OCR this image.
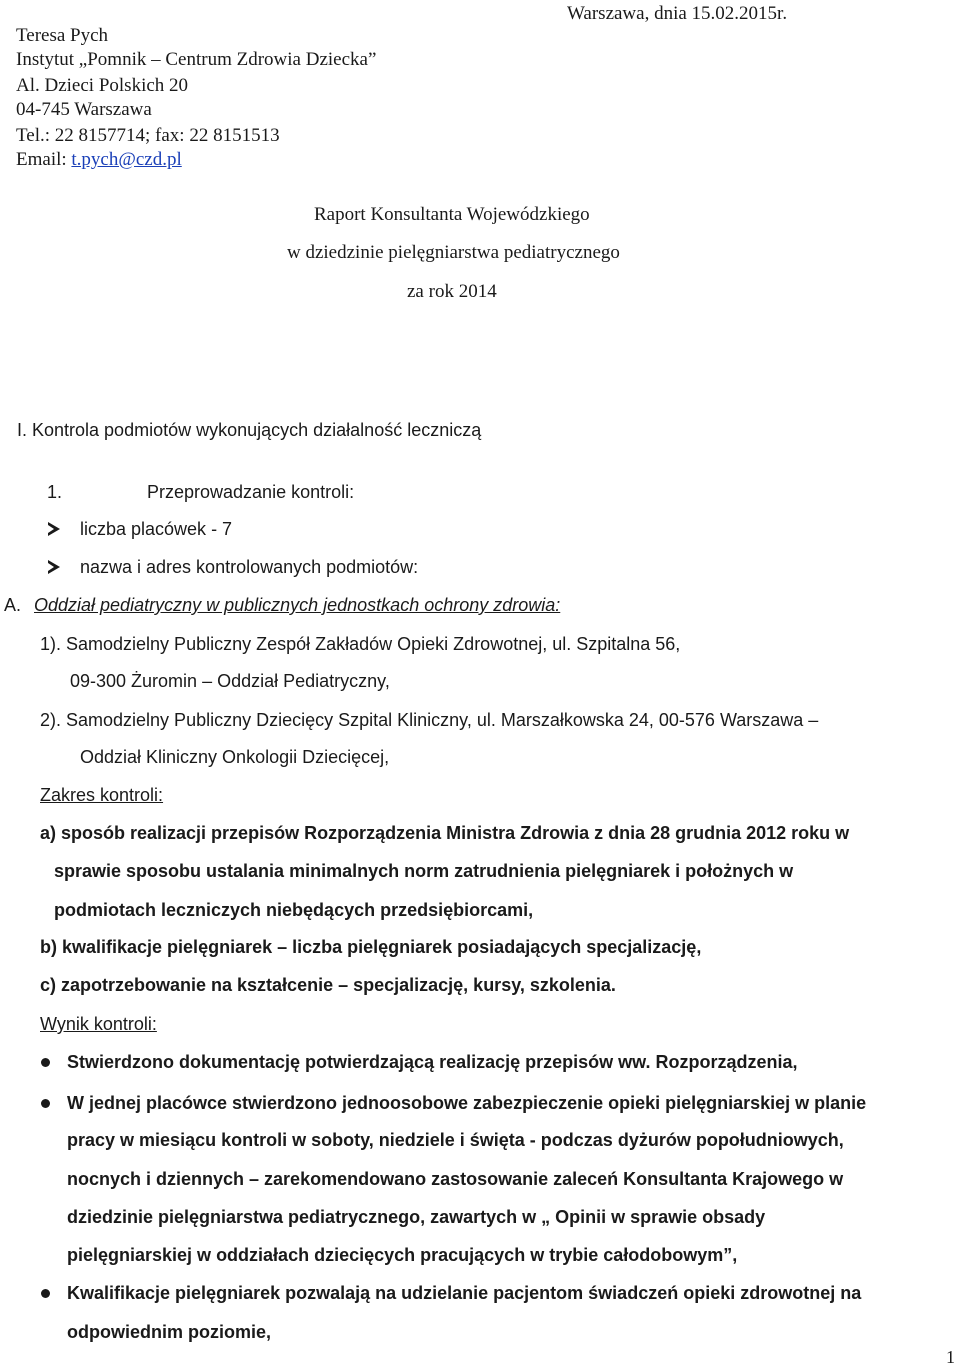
Teresa Pych
Instytut „Pomnik – Centrum Zdrowia Dziecka”
Al. Dzieci Polskich 20
04-745 Warszawa
Tel.: 22 8157714; fax: 22 8151513
Email: t.pych@czd.pl
Warszawa, dnia 15.02.2015r.
Raport Konsultanta Wojewódzkiego
w dziedzinie pielęgniarstwa pediatrycznego
za rok 2014
I. Kontrola podmiotów wykonujących działalność leczniczą
1.	Przeprowadzanie kontroli:
liczba placówek - 7
nazwa i adres kontrolowanych podmiotów:
A. Oddział pediatryczny w publicznych jednostkach ochrony zdrowia:
1). Samodzielny Publiczny Zespół Zakładów Opieki Zdrowotnej, ul. Szpitalna 56,
09-300 Żuromin – Oddział Pediatryczny,
2). Samodzielny Publiczny Dziecięcy Szpital Kliniczny, ul. Marszałkowska 24, 00-576 Warszawa –
Oddział Kliniczny Onkologii Dziecięcej,
Zakres kontroli:
a) sposób realizacji przepisów Rozporządzenia Ministra Zdrowia z dnia 28 grudnia 2012 roku w
sprawie sposobu ustalania minimalnych norm zatrudnienia pielęgniarek i położnych w
podmiotach leczniczych niebędących przedsiębiorcami,
b) kwalifikacje pielęgniarek – liczba pielęgniarek posiadających specjalizację,
c) zapotrzebowanie na kształcenie – specjalizację, kursy, szkolenia.
Wynik kontroli:
Stwierdzono dokumentację potwierdzającą realizację przepisów ww. Rozporządzenia,
W jednej placówce stwierdzono jednoosobowe zabezpieczenie opieki pielęgniarskiej w planie
pracy w miesiącu kontroli w soboty, niedziele i święta - podczas dyżurów popołudniowych,
nocnych i dziennych – zarekomendowano zastosowanie zaleceń Konsultanta Krajowego w
dziedzinie pielęgniarstwa pediatrycznego, zawartych w „ Opinii w sprawie obsady
pielęgniarskiej w oddziałach dziecięcych pracujących w trybie całodobowym”,
Kwalifikacje pielęgniarek pozwalają na udzielanie pacjentom świadczeń opieki zdrowotnej na
odpowiednim poziomie,
1
